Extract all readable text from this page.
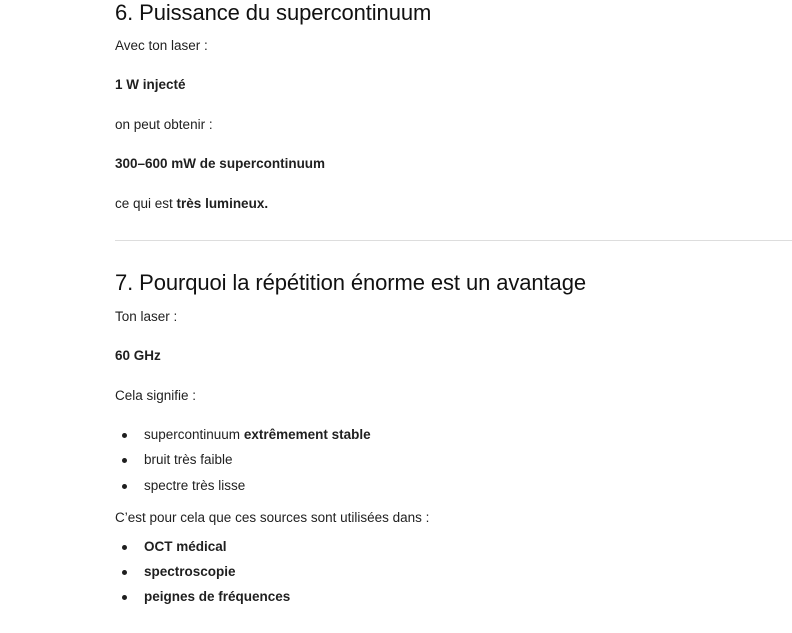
6. Puissance du supercontinuum

Avec ton laser :

1 W injecté

on peut obtenir :

300–600 mW de supercontinuum

ce qui est très lumineux.

7. Pourquoi la répétition énorme est un avantage

Ton laser :

60 GHz

Cela signifie :

supercontinuum extrêmement stable
bruit très faible
spectre très lisse

C’est pour cela que ces sources sont utilisées dans :

OCT médical
spectroscopie
peignes de fréquences
